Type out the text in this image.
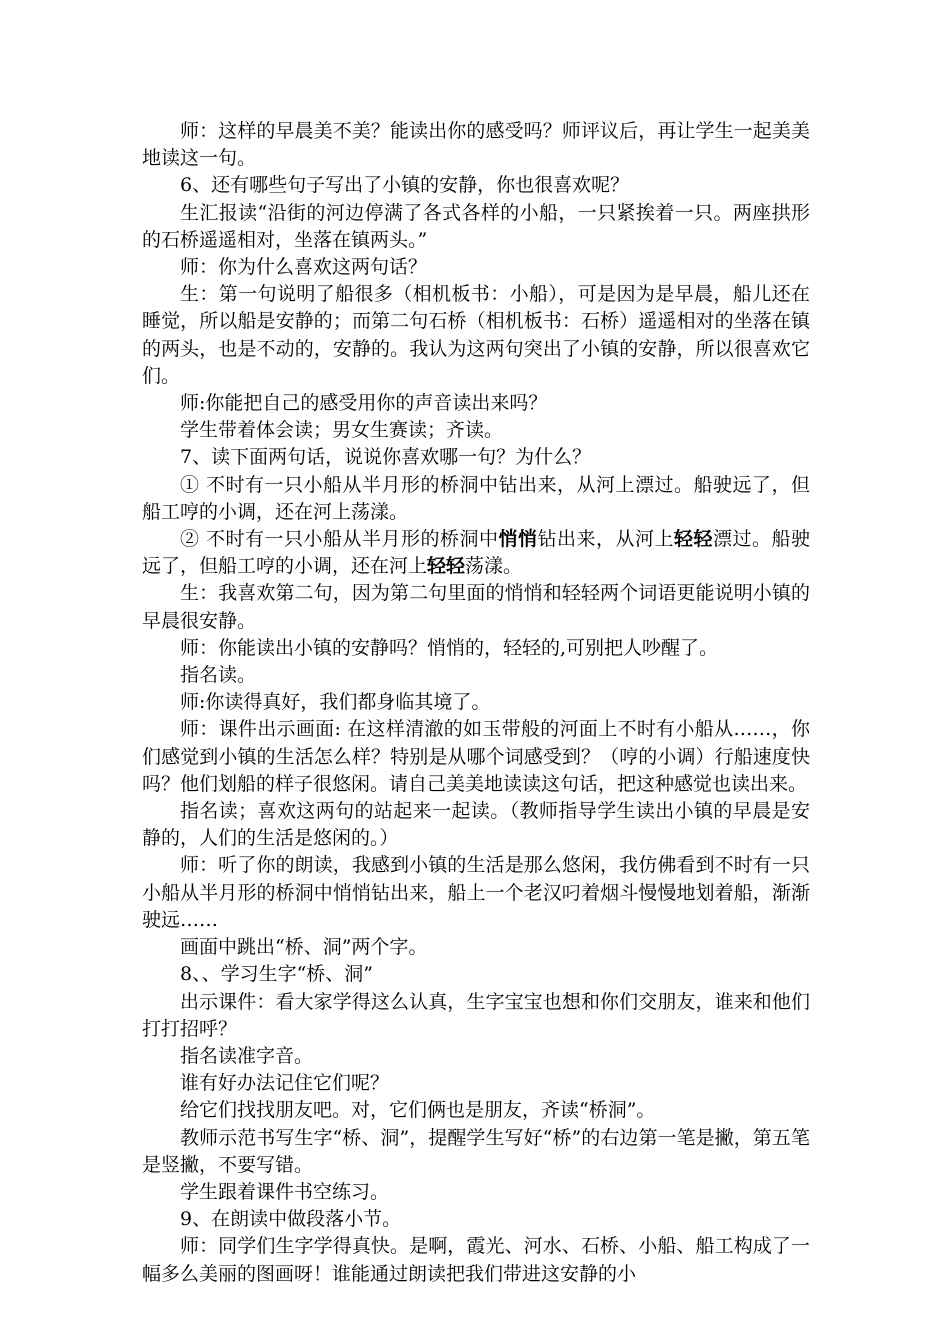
师：这样的早晨美不美？能读出你的感受吗？师评议后，再让学生一起美美地读这一句。

6、还有哪些句子写出了小镇的安静，你也很喜欢呢？

生汇报读“沿街的河边停满了各式各样的小船，一只紧挨着一只。两座拱形的石桥遥遥相对，坐落在镇两头。”

师：你为什么喜欢这两句话？

生：第一句说明了船很多（相机板书：小船），可是因为是早晨，船儿还在睡觉，所以船是安静的；而第二句石桥（相机板书：石桥）遥遥相对的坐落在镇的两头，也是不动的，安静的。我认为这两句突出了小镇的安静，所以很喜欢它们。

师:你能把自己的感受用你的声音读出来吗？

学生带着体会读；男女生赛读；齐读。

7、读下面两句话，说说你喜欢哪一句？为什么？

① 不时有一只小船从半月形的桥洞中钻出来，从河上漂过。船驶远了，但船工哼的小调，还在河上荡漾。

② 不时有一只小船从半月形的桥洞中悄悄钻出来，从河上轻轻漂过。船驶远了，但船工哼的小调，还在河上轻轻荡漾。

生：我喜欢第二句，因为第二句里面的悄悄和轻轻两个词语更能说明小镇的早晨很安静。

师：你能读出小镇的安静吗？悄悄的，轻轻的,可别把人吵醒了。

指名读。

师:你读得真好，我们都身临其境了。

师：课件出示画面: 在这样清澈的如玉带般的河面上不时有小船从……，你们感觉到小镇的生活怎么样？特别是从哪个词感受到？（哼的小调）行船速度快吗？他们划船的样子很悠闲。请自己美美地读读这句话，把这种感觉也读出来。

指名读；喜欢这两句的站起来一起读。（教师指导学生读出小镇的早晨是安静的，人们的生活是悠闲的。）

师：听了你的朗读，我感到小镇的生活是那么悠闲，我仿佛看到不时有一只小船从半月形的桥洞中悄悄钻出来，船上一个老汉叼着烟斗慢慢地划着船，渐渐驶远……

画面中跳出“桥、洞”两个字。

8、、学习生字“桥、洞”

出示课件：看大家学得这么认真，生字宝宝也想和你们交朋友，谁来和他们打打招呼？

指名读准字音。

谁有好办法记住它们呢？

给它们找找朋友吧。对，它们俩也是朋友，齐读“桥洞”。

教师示范书写生字“桥、洞”，提醒学生写好“桥”的右边第一笔是撇，第五笔是竖撇，不要写错。

学生跟着课件书空练习。

9、在朗读中做段落小节。

师：同学们生字学得真快。是啊，霞光、河水、石桥、小船、船工构成了一幅多么美丽的图画呀！谁能通过朗读把我们带进这安静的小
